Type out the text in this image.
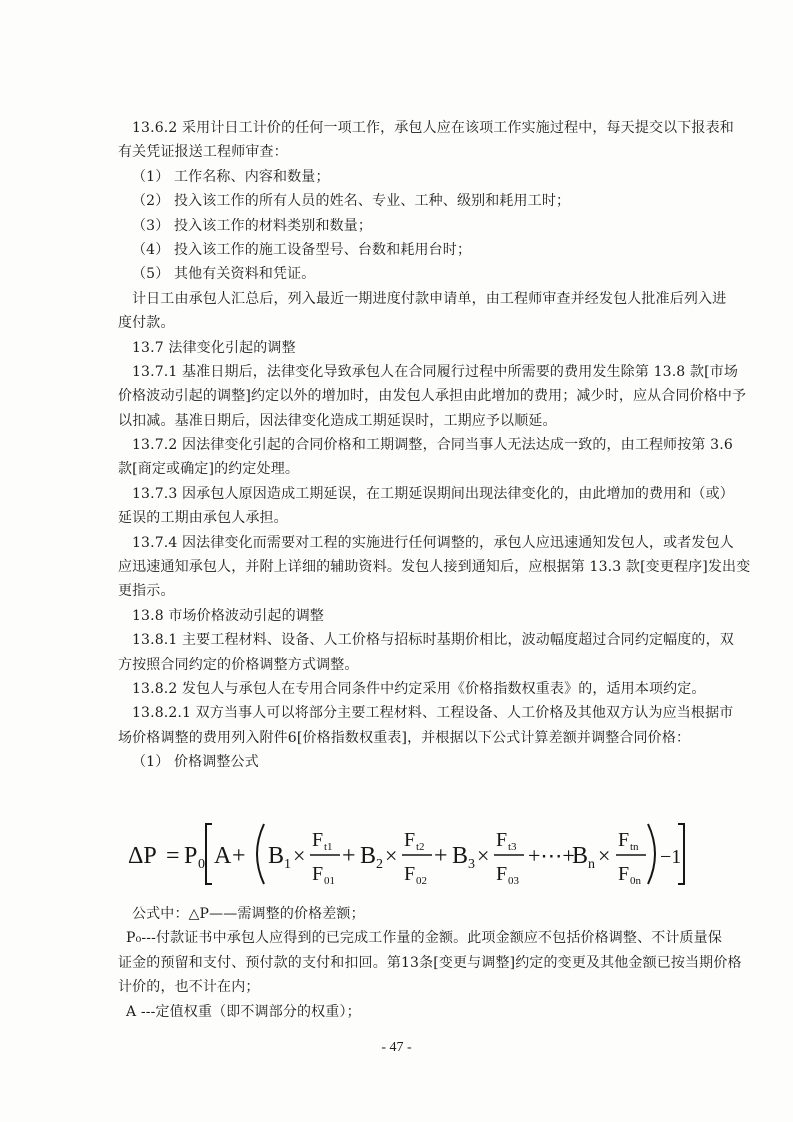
13.6.2 采用计日工计价的任何一项工作，承包人应在该项工作实施过程中，每天提交以下报表和
有关凭证报送工程师审查：
（1） 工作名称、内容和数量；
（2） 投入该工作的所有人员的姓名、专业、工种、级别和耗用工时；
（3） 投入该工作的材料类别和数量；
（4） 投入该工作的施工设备型号、台数和耗用台时；
（5） 其他有关资料和凭证。
计日工由承包人汇总后，列入最近一期进度付款申请单，由工程师审查并经发包人批准后列入进
度付款。
13.7 法律变化引起的调整
13.7.1 基准日期后，法律变化导致承包人在合同履行过程中所需要的费用发生除第 13.8 款[市场
价格波动引起的调整]约定以外的增加时，由发包人承担由此增加的费用；减少时，应从合同价格中予
以扣减。基准日期后，因法律变化造成工期延误时，工期应予以顺延。
13.7.2 因法律变化引起的合同价格和工期调整，合同当事人无法达成一致的，由工程师按第 3.6
款[商定或确定]的约定处理。
13.7.3 因承包人原因造成工期延误，在工期延误期间出现法律变化的，由此增加的费用和（或）
延误的工期由承包人承担。
13.7.4 因法律变化而需要对工程的实施进行任何调整的，承包人应迅速通知发包人，或者发包人
应迅速通知承包人，并附上详细的辅助资料。发包人接到通知后，应根据第 13.3 款[变更程序]发出变
更指示。
13.8 市场价格波动引起的调整
13.8.1 主要工程材料、设备、人工价格与招标时基期价相比，波动幅度超过合同约定幅度的，双
方按照合同约定的价格调整方式调整。
13.8.2 发包人与承包人在专用合同条件中约定采用《价格指数权重表》的，适用本项约定。
13.8.2.1 双方当事人可以将部分主要工程材料、工程设备、人工价格及其他双方认为应当根据市
场价格调整的费用列入附件6[价格指数权重表]，并根据以下公式计算差额并调整合同价格：
（1） 价格调整公式
ΔP = P 0 A + B 1 ×
F t1
F 01
+ B 2 ×
F t2
F 02
+ B 3 ×
F t3
F 03
+⋯+
B n ×
F tn
F 0n
−1
公式中：△P——需调整的价格差额；
P₀---付款证书中承包人应得到的已完成工作量的金额。此项金额应不包括价格调整、不计质量保
证金的预留和支付、预付款的支付和扣回。第13条[变更与调整]约定的变更及其他金额已按当期价格
计价的，也不计在内；
A ---定值权重（即不调部分的权重）；
- 47 -
